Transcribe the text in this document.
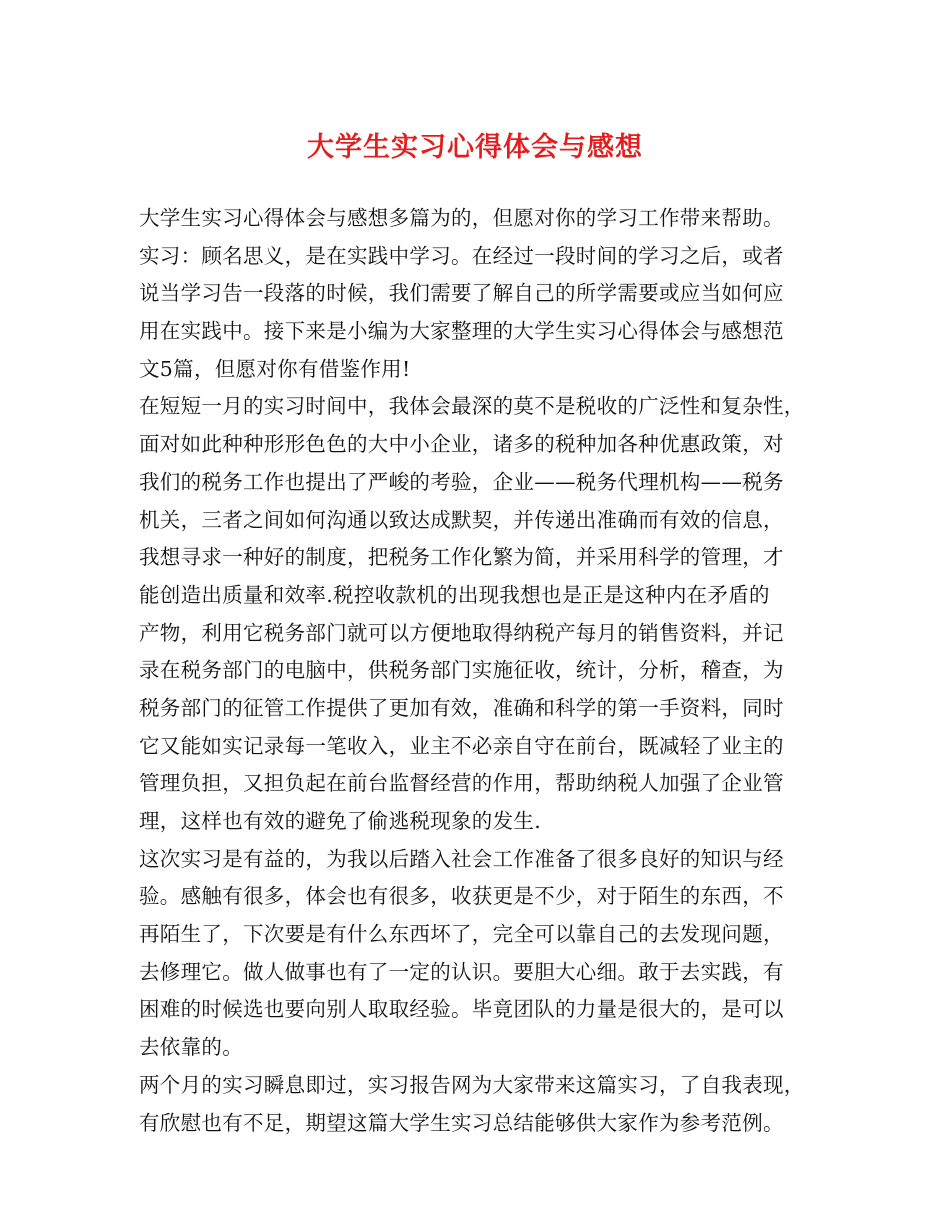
大学生实习心得体会与感想
大学生实习心得体会与感想多篇为的，但愿对你的学习工作带来帮助。
实习：顾名思义，是在实践中学习。在经过一段时间的学习之后，或者
说当学习告一段落的时候，我们需要了解自己的所学需要或应当如何应
用在实践中。接下来是小编为大家整理的大学生实习心得体会与感想范
文5篇，但愿对你有借鉴作用!
在短短一月的实习时间中，我体会最深的莫不是税收的广泛性和复杂性，
面对如此种种形形色色的大中小企业，诸多的税种加各种优惠政策，对
我们的税务工作也提出了严峻的考验，企业——税务代理机构——税务
机关，三者之间如何沟通以致达成默契，并传递出准确而有效的信息，
我想寻求一种好的制度，把税务工作化繁为简，并采用科学的管理，才
能创造出质量和效率.税控收款机的出现我想也是正是这种内在矛盾的
产物，利用它税务部门就可以方便地取得纳税产每月的销售资料，并记
录在税务部门的电脑中，供税务部门实施征收，统计，分析，稽查，为
税务部门的征管工作提供了更加有效，准确和科学的第一手资料，同时
它又能如实记录每一笔收入，业主不必亲自守在前台，既减轻了业主的
管理负担，又担负起在前台监督经营的作用，帮助纳税人加强了企业管
理，这样也有效的避免了偷逃税现象的发生.
这次实习是有益的，为我以后踏入社会工作准备了很多良好的知识与经
验。感触有很多，体会也有很多，收获更是不少，对于陌生的东西，不
再陌生了，下次要是有什么东西坏了，完全可以靠自己的去发现问题，
去修理它。做人做事也有了一定的认识。要胆大心细。敢于去实践，有
困难的时候选也要向别人取取经验。毕竟团队的力量是很大的，是可以
去依靠的。
两个月的实习瞬息即过，实习报告网为大家带来这篇实习，了自我表现，
有欣慰也有不足，期望这篇大学生实习总结能够供大家作为参考范例。
